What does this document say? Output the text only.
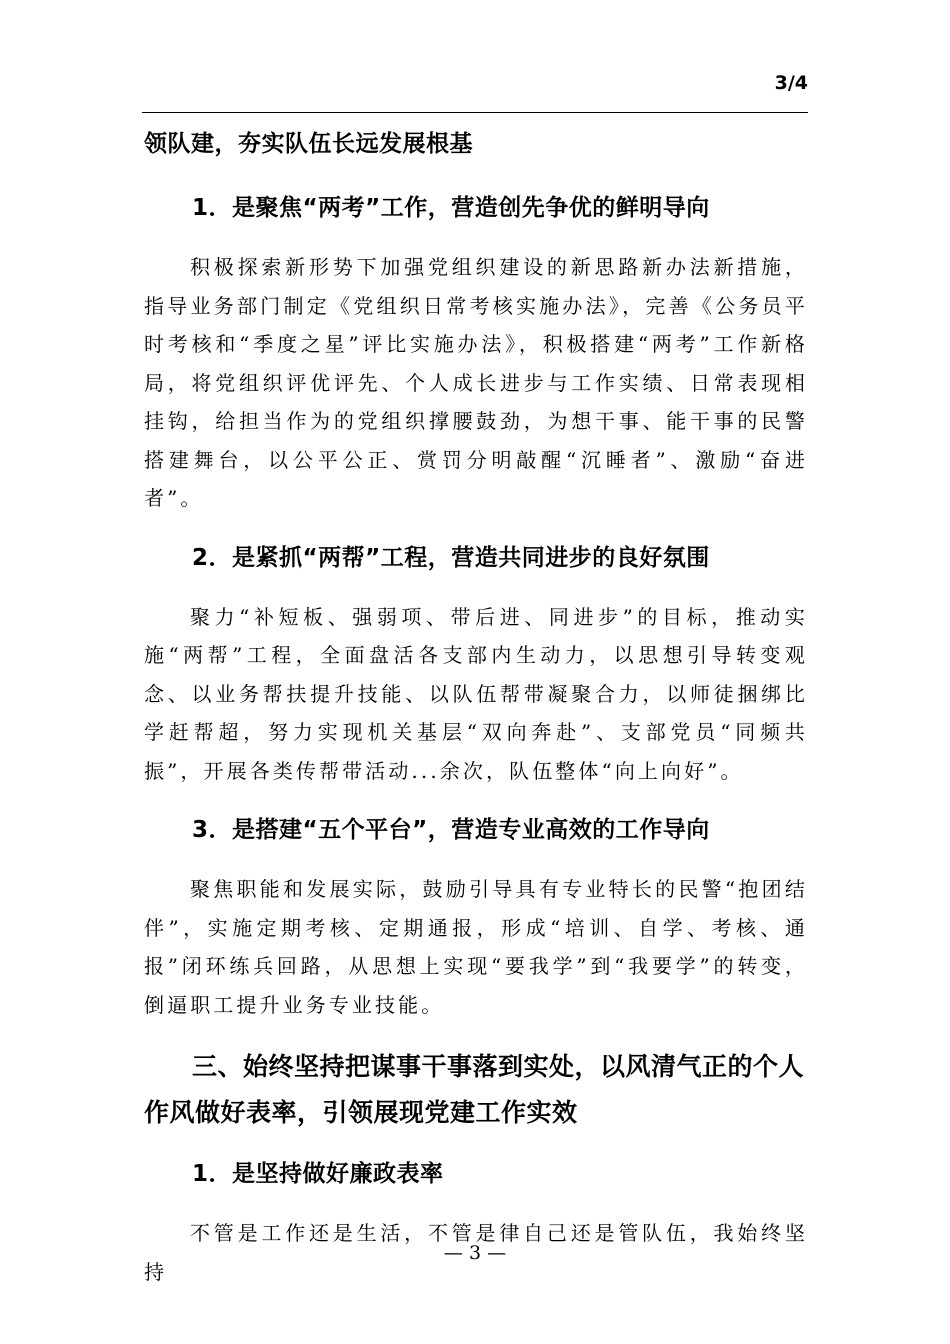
3/4
领队建，夯实队伍长远发展根基
1．是聚焦“两考”工作，营造创先争优的鲜明导向

积极探索新形势下加强党组织建设的新思路新办法新措施，指导业务部门制定《党组织日常考核实施办法》，完善《公务员平时考核和“季度之星”评比实施办法》，积极搭建“两考”工作新格局，将党组织评优评先、个人成长进步与工作实绩、日常表现相挂钩，给担当作为的党组织撑腰鼓劲，为想干事、能干事的民警搭建舞台，以公平公正、赏罚分明敲醒“沉睡者”、激励“奋进者”。

2．是紧抓“两帮”工程，营造共同进步的良好氛围

聚力“补短板、强弱项、带后进、同进步”的目标，推动实施“两帮”工程，全面盘活各支部内生动力，以思想引导转变观念、以业务帮扶提升技能、以队伍帮带凝聚合力，以师徒捆绑比学赶帮超，努力实现机关基层“双向奔赴”、支部党员“同频共振”，开展各类传帮带活动...余次，队伍整体“向上向好”。

3．是搭建“五个平台”，营造专业高效的工作导向

聚焦职能和发展实际，鼓励引导具有专业特长的民警“抱团结伴”，实施定期考核、定期通报，形成“培训、自学、考核、通报”闭环练兵回路，从思想上实现“要我学”到“我要学”的转变，倒逼职工提升业务专业技能。

三、始终坚持把谋事干事落到实处，以风清气正的个人作风做好表率，引领展现党建工作实效
1．是坚持做好廉政表率

不管是工作还是生活，不管是律自己还是管队伍，我始终坚持

— 3 —
